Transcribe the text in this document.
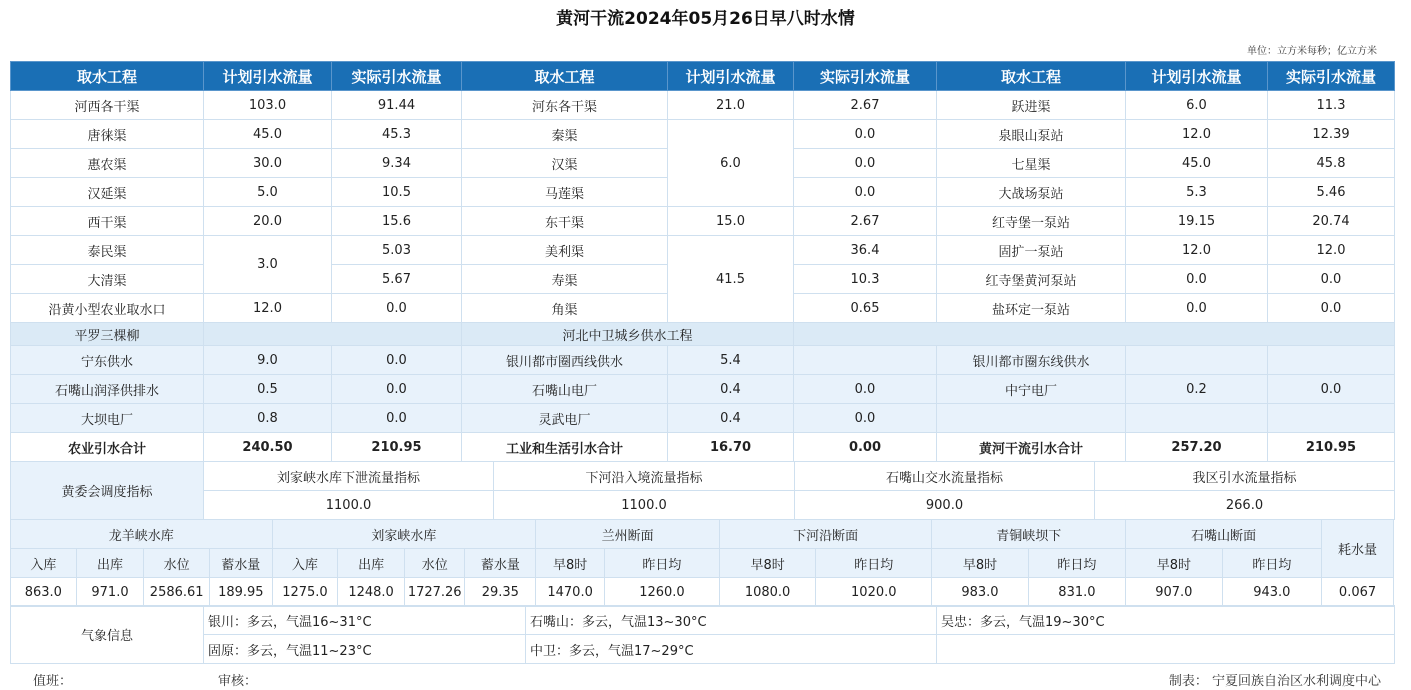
黄河干流2024年05月26日早八时水情
单位：立方米每秒；亿立方米
取水工程	计划引水流量	实际引水流量	取水工程	计划引水流量	实际引水流量	取水工程	计划引水流量	实际引水流量
河西各干渠	103.0	91.44	河东各干渠	21.0	2.67	跃进渠	6.0	11.3
唐徕渠	45.0	45.3	秦渠	6.0	0.0	泉眼山泵站	12.0	12.39
惠农渠	30.0	9.34	汉渠		0.0	七星渠	45.0	45.8
汉延渠	5.0	10.5	马莲渠		0.0	大战场泵站	5.3	5.46
西干渠	20.0	15.6	东干渠	15.0	2.67	红寺堡一泵站	19.15	20.74
泰民渠	3.0	5.03	美利渠	41.5	36.4	固扩一泵站	12.0	12.0
大清渠		5.67	寿渠		10.3	红寺堡黄河泵站	0.0	0.0
沿黄小型农业取水口	12.0	0.0	角渠		0.65	盐环定一泵站	0.0	0.0
平罗三棵柳			河北中卫城乡供水工程					
宁东供水	9.0	0.0	银川都市圈西线供水	5.4		银川都市圈东线供水		
石嘴山润泽供排水	0.5	0.0	石嘴山电厂	0.4	0.0	中宁电厂	0.2	0.0
大坝电厂	0.8	0.0	灵武电厂	0.4	0.0			
农业引水合计	240.50	210.95	工业和生活引水合计	16.70	0.00	黄河干流引水合计	257.20	210.95
黄委会调度指标	刘家峡水库下泄流量指标	下河沿入境流量指标	石嘴山交水流量指标	我区引水流量指标
	1100.0	1100.0	900.0	266.0
龙羊峡水库				刘家峡水库				兰州断面		下河沿断面		青铜峡坝下		石嘴山断面		耗水量
入库	出库	水位	蓄水量	入库	出库	水位	蓄水量	早8时	昨日均	早8时	昨日均	早8时	昨日均	早8时	昨日均	
863.0	971.0	2586.61	189.95	1275.0	1248.0	1727.26	29.35	1470.0	1260.0	1080.0	1020.0	983.0	831.0	907.0	943.0	0.067
气象信息	银川：多云，气温16~31°C	石嘴山：多云，气温13~30°C	吴忠：多云，气温19~30°C
	固原：多云，气温11~23°C	中卫：多云，气温17~29°C	
值班：	审核：	制表： 宁夏回族自治区水利调度中心
